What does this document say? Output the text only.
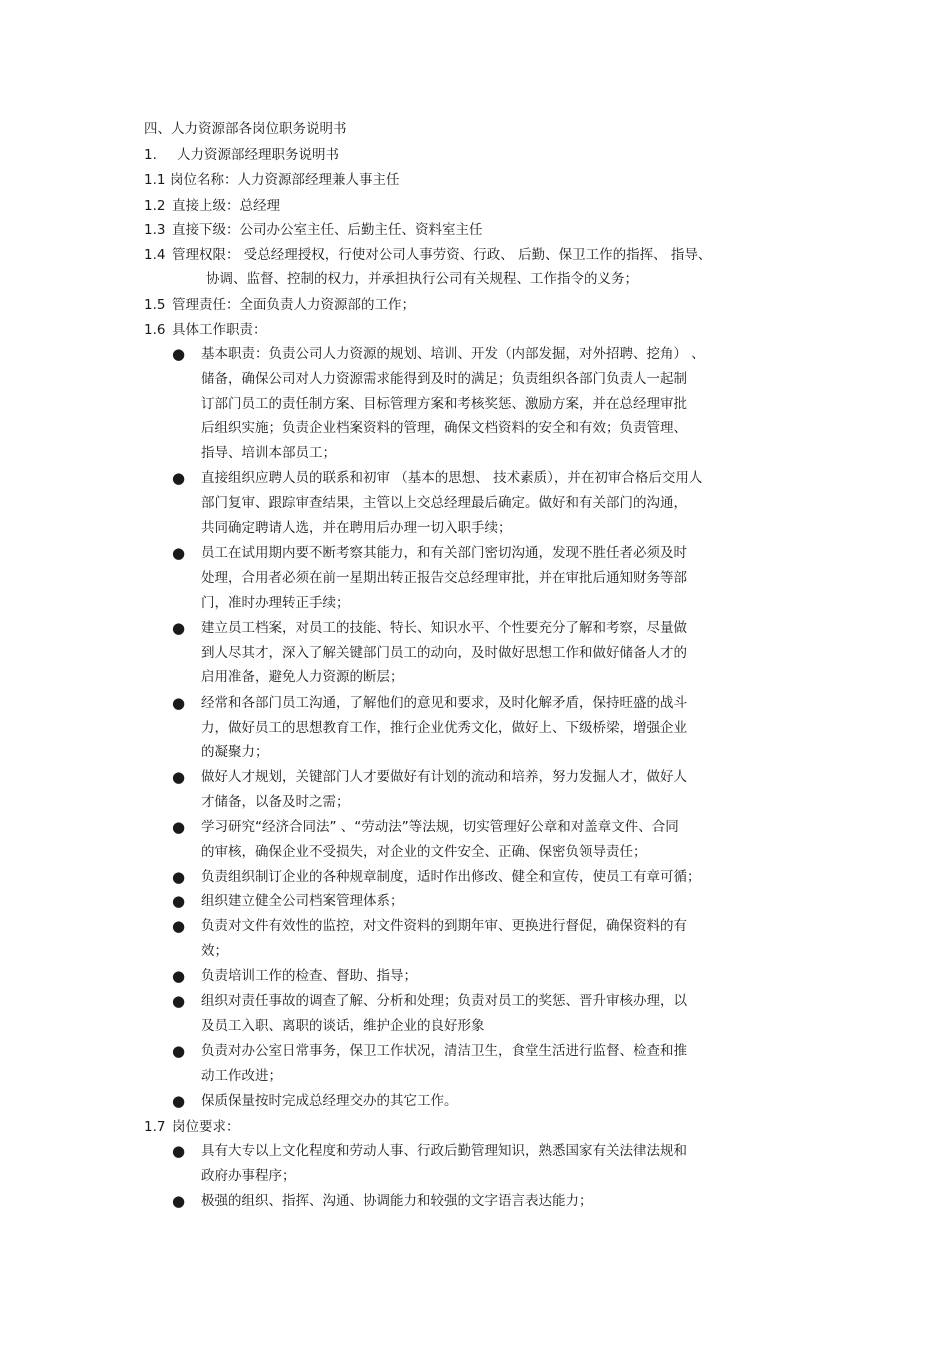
四、人力资源部各岗位职务说明书
1. 人力资源部经理职务说明书
1.1 岗位名称：人力资源部经理兼人事主任
1.2 直接上级：总经理
1.3 直接下级：公司办公室主任、后勤主任、资料室主任
1.4 管理权限： 受总经理授权，行使对公司人事劳资、行政、 后勤、保卫工作的指挥、 指导、
协调、监督、控制的权力，并承担执行公司有关规程、工作指令的义务；
1.5 管理责任：全面负责人力资源部的工作；
1.6 具体工作职责：
● 基本职责：负责公司人力资源的规划、培训、开发（内部发掘，对外招聘、挖角） 、
储备，确保公司对人力资源需求能得到及时的满足；负责组织各部门负责人一起制
订部门员工的责任制方案、目标管理方案和考核奖惩、激励方案，并在总经理审批
后组织实施；负责企业档案资料的管理，确保文档资料的安全和有效；负责管理、
指导、培训本部员工；
● 直接组织应聘人员的联系和初审 （基本的思想、 技术素质），并在初审合格后交用人
部门复审、跟踪审查结果，主管以上交总经理最后确定。做好和有关部门的沟通，
共同确定聘请人选，并在聘用后办理一切入职手续；
● 员工在试用期内要不断考察其能力，和有关部门密切沟通，发现不胜任者必须及时
处理，合用者必须在前一星期出转正报告交总经理审批，并在审批后通知财务等部
门，准时办理转正手续；
● 建立员工档案，对员工的技能、特长、知识水平、个性要充分了解和考察，尽量做
到人尽其才，深入了解关键部门员工的动向，及时做好思想工作和做好储备人才的
启用准备，避免人力资源的断层；
● 经常和各部门员工沟通，了解他们的意见和要求，及时化解矛盾，保持旺盛的战斗
力，做好员工的思想教育工作，推行企业优秀文化，做好上、下级桥梁，增强企业
的凝聚力；
● 做好人才规划，关键部门人才要做好有计划的流动和培养，努力发掘人才，做好人
才储备，以备及时之需；
● 学习研究“经济合同法” 、“劳动法”等法规，切实管理好公章和对盖章文件、合同
的审核，确保企业不受损失，对企业的文件安全、正确、保密负领导责任；
● 负责组织制订企业的各种规章制度，适时作出修改、健全和宣传，使员工有章可循；
● 组织建立健全公司档案管理体系；
● 负责对文件有效性的监控，对文件资料的到期年审、更换进行督促，确保资料的有
效；
● 负责培训工作的检查、督助、指导；
● 组织对责任事故的调查了解、分析和处理；负责对员工的奖惩、晋升审核办理，以
及员工入职、离职的谈话，维护企业的良好形象
● 负责对办公室日常事务，保卫工作状况，清洁卫生，食堂生活进行监督、检查和推
动工作改进；
● 保质保量按时完成总经理交办的其它工作。
1.7 岗位要求：
● 具有大专以上文化程度和劳动人事、行政后勤管理知识，熟悉国家有关法律法规和
政府办事程序；
● 极强的组织、指挥、沟通、协调能力和较强的文字语言表达能力；
